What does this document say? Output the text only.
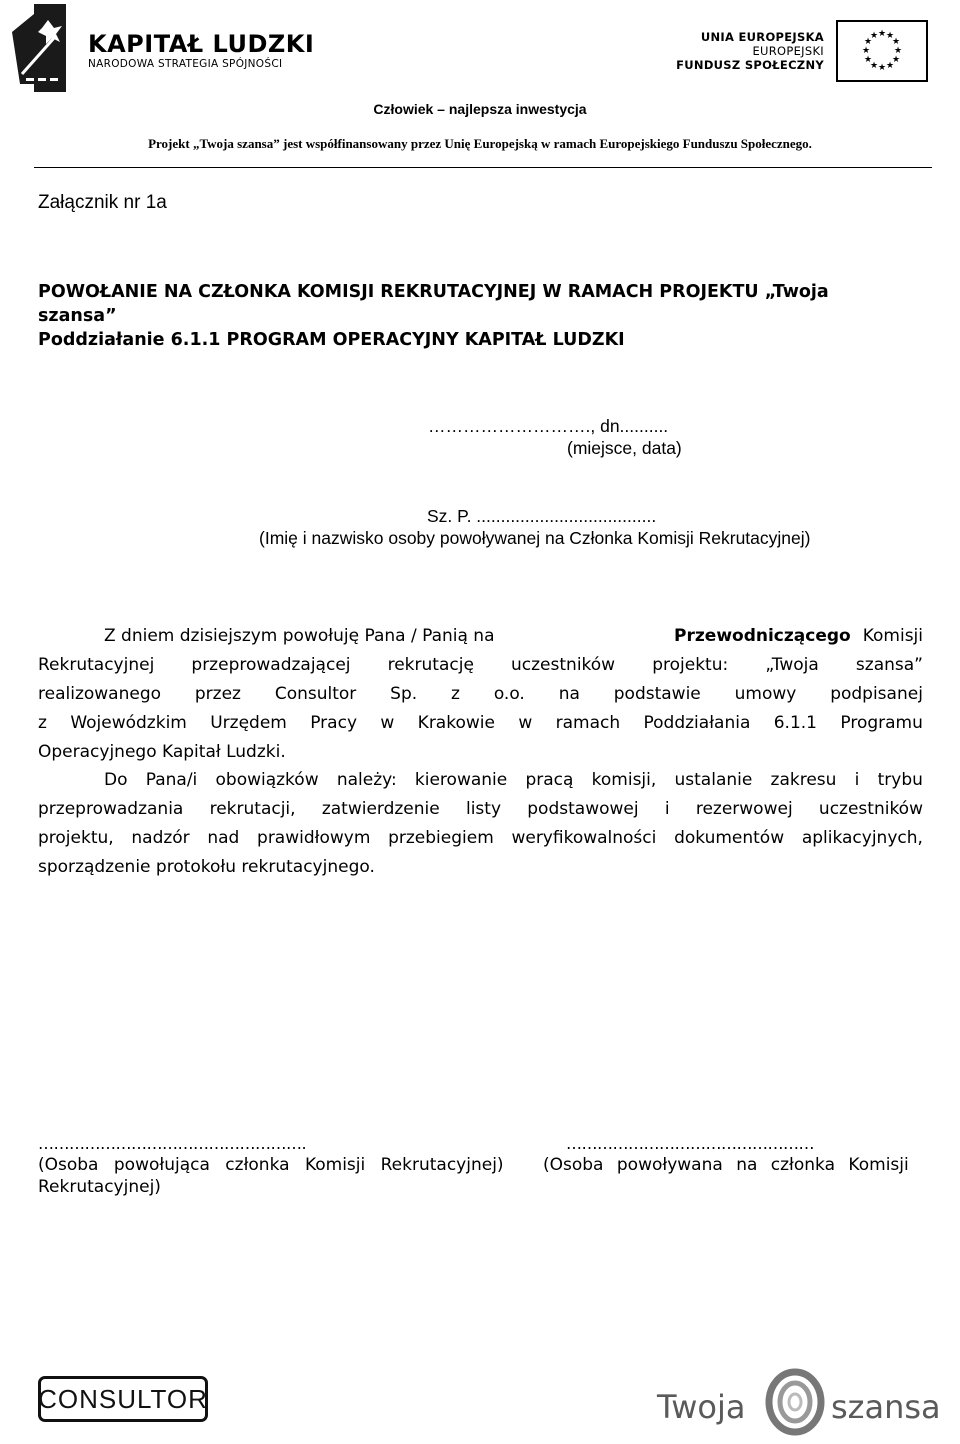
KAPITAŁ LUDZKI
NARODOWA STRATEGIA SPÓJNOŚCI
UNIA EUROPEJSKA
EUROPEJSKI
FUNDUSZ SPOŁECZNY
★ ★
★
★
★
★
★
★
★
★
★
★
Człowiek – najlepsza inwestycja
Projekt „Twoja szansa” jest współfinansowany przez Unię Europejską w ramach Europejskiego Funduszu Społecznego.
Załącznik nr 1a
POWOŁANIE NA CZŁONKA KOMISJI REKRUTACYJNEJ W RAMACH PROJEKTU „Twoja
szansa”
Poddziałanie 6.1.1 PROGRAM OPERACYJNY KAPITAŁ LUDZKI
………………………., dn..........
(miejsce, data)
Sz. P. .....................................
(Imię i nazwisko osoby powoływanej na Członka Komisji Rekrutacyjnej)
Z dniem dzisiejszym powołuję Pana / Panią na	Przewodniczącego Komisji
Rekrutacyjnej przeprowadzającej rekrutację uczestników projektu: „Twoja szansa”
realizowanego przez Consultor Sp. z o.o. na podstawie umowy podpisanej
z Wojewódzkim Urzędem Pracy w Krakowie w ramach Poddziałania 6.1.1 Programu
Operacyjnego Kapitał Ludzki.
Do Pana/i obowiązków należy: kierowanie pracą komisji, ustalanie zakresu i trybu
przeprowadzania rekrutacji, zatwierdzenie listy podstawowej i rezerwowej uczestników
projektu, nadzór nad prawidłowym przebiegiem weryfikowalności dokumentów aplikacyjnych,
sporządzenie protokołu rekrutacyjnego.
…………………………………………….	…………………………………………
(Osoba powołująca członka Komisji Rekrutacyjnej)
Rekrutacyjnej)
(Osoba powoływana na członka Komisji
CONSULTOR	Twoja	szansa
